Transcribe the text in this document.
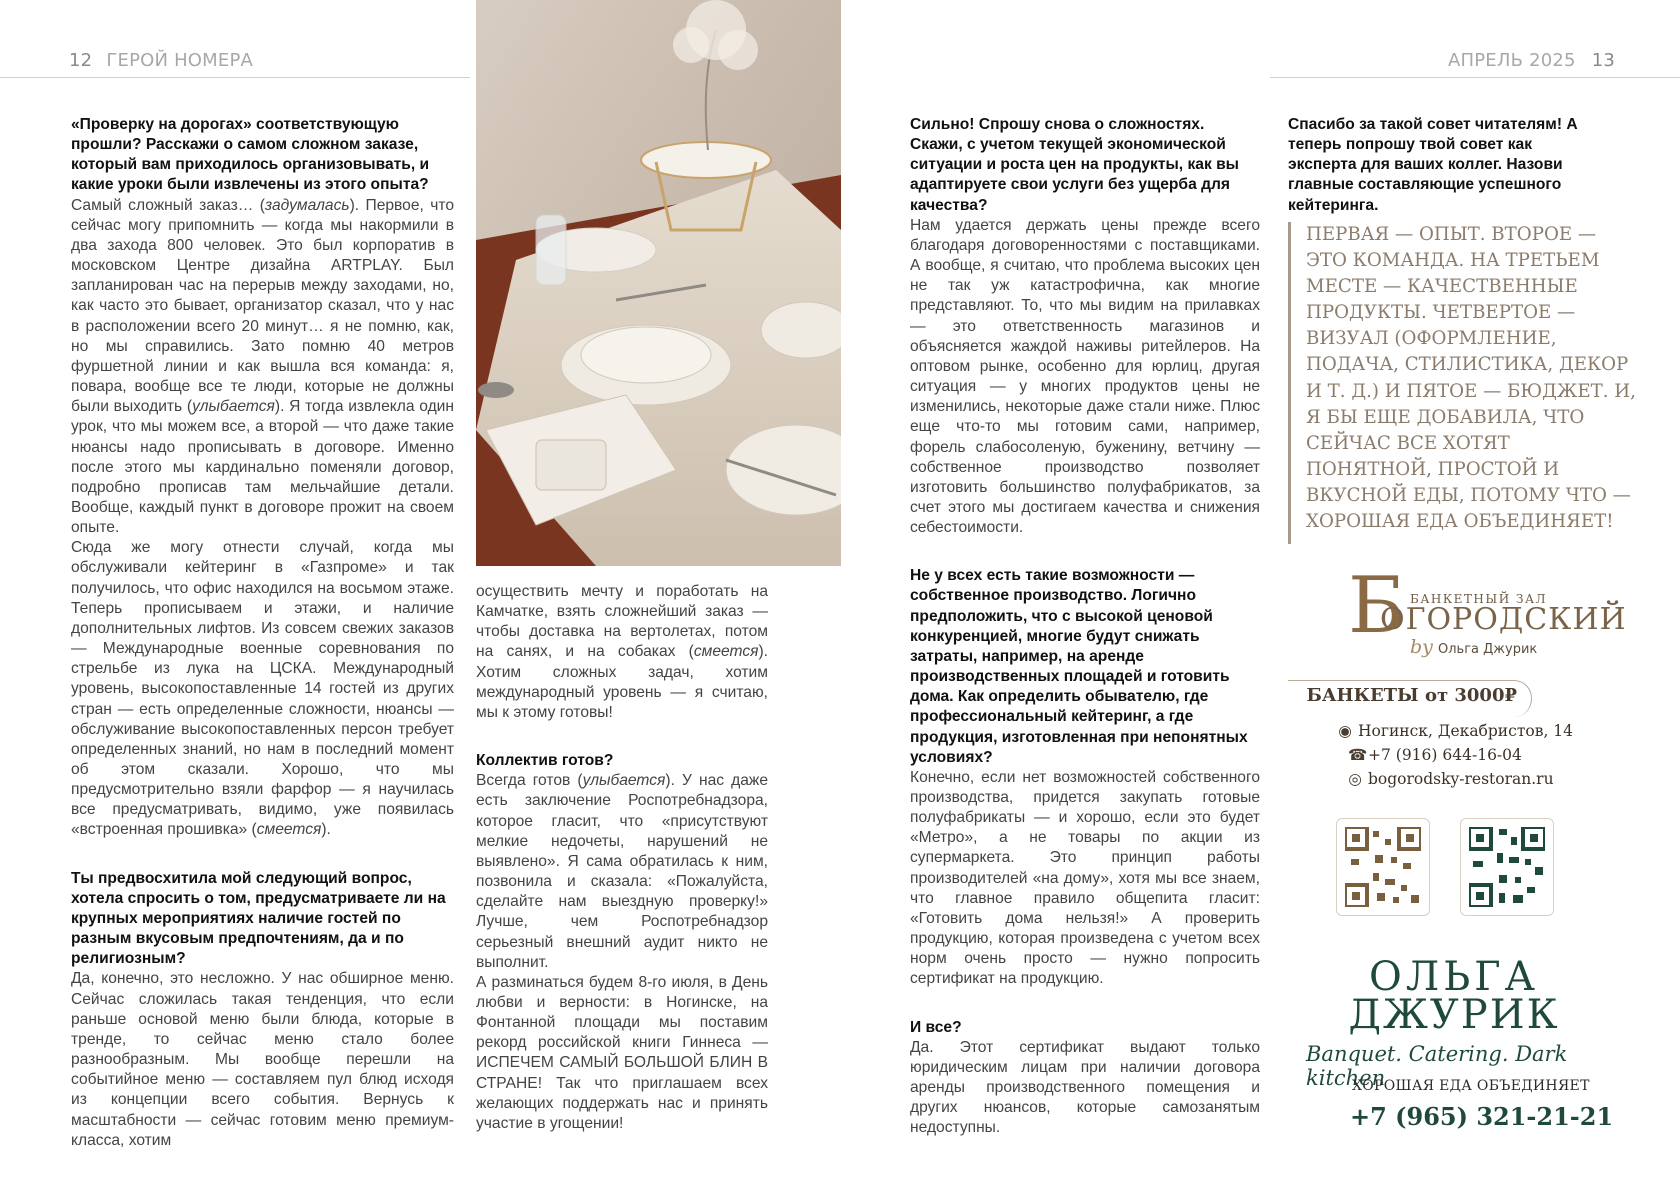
12 ГЕРОЙ НОМЕРА	АПРЕЛЬ 2025 13

«Проверку на дорогах» соответствующую прошли? Расскажи о самом сложном заказе, который вам приходилось организовывать, и какие уроки были извлечены из этого опыта?

Самый сложный заказ… (задумалась). Первое, что сейчас могу припомнить — когда мы накормили в два захода 800 человек. Это был корпоратив в московском Центре дизайна ARTPLAY. Был запланирован час на перерыв между заходами, но, как часто это бывает, организатор сказал, что у нас в расположении всего 20 минут… я не помню, как, но мы справились. Зато помню 40 метров фуршетной линии и как вышла вся команда: я, повара, вообще все те люди, которые не должны были выходить (улыбается). Я тогда извлекла один урок, что мы можем все, а второй — что даже такие нюансы надо прописывать в договоре. Именно после этого мы кардинально поменяли договор, подробно прописав там мельчайшие детали. Вообще, каждый пункт в договоре прожит на своем опыте.

Сюда же могу отнести случай, когда мы обслуживали кейтеринг в «Газпроме» и так получилось, что офис находился на восьмом этаже. Теперь прописываем и этажи, и наличие дополнительных лифтов. Из совсем свежих заказов — Международные военные соревнования по стрельбе из лука на ЦСКА. Международный уровень, высокопоставленные 14 гостей из других стран — есть определенные сложности, нюансы — обслуживание высокопоставленных персон требует определенных знаний, но нам в последний момент об этом сказали. Хорошо, что мы предусмотрительно взяли фарфор — я научилась все предусматривать, видимо, уже появилась «встроенная прошивка» (смеется).

Ты предвосхитила мой следующий вопрос, хотела спросить о том, предусматриваете ли на крупных мероприятиях наличие гостей по разным вкусовым предпочтениям, да и по религиозным?

Да, конечно, это несложно. У нас обширное меню. Сейчас сложилась такая тенденция, что если раньше основой меню были блюда, которые в тренде, то сейчас меню стало более разнообразным. Мы вообще перешли на событийное меню — составляем пул блюд исходя из концепции всего события. Вернусь к масштабности — сейчас готовим меню премиум-класса, хотим

осуществить мечту и поработать на Камчатке, взять сложнейший заказ — чтобы доставка на вертолетах, потом на санях, и на собаках (смеется). Хотим сложных задач, хотим международный уровень — я считаю, мы к этому готовы!

Коллектив готов?

Всегда готов (улыбается). У нас даже есть заключение Роспотребнадзора, которое гласит, что «присутствуют мелкие недочеты, нарушений не выявлено». Я сама обратилась к ним, позвонила и сказала: «Пожалуйста, сделайте нам выездную проверку!» Лучше, чем Роспотребнадзор серьезный внешний аудит никто не выполнит.

А разминаться будем 8-го июля, в День любви и верности: в Ногинске, на Фонтанной площади мы поставим рекорд российской книги Гиннеса — ИСПЕЧЕМ САМЫЙ БОЛЬШОЙ БЛИН В СТРАНЕ! Так что приглашаем всех желающих поддержать нас и принять участие в угощении!

Сильно! Спрошу снова о сложностях. Скажи, с учетом текущей экономической ситуации и роста цен на продукты, как вы адаптируете свои услуги без ущерба для качества?

Нам удается держать цены прежде всего благодаря договоренностями с поставщиками. А вообще, я считаю, что проблема высоких цен не так уж катастрофична, как многие представляют. То, что мы видим на прилавках — это ответственность магазинов и объясняется жаждой наживы ритейлеров. На оптовом рынке, особенно для юрлиц, другая ситуация — у многих продуктов цены не изменились, некоторые даже стали ниже. Плюс еще что-то мы готовим сами, например, форель слабосоленую, буженину, ветчину — собственное производство позволяет изготовить большинство полуфабрикатов, за счет этого мы достигаем качества и снижения себестоимости.

Не у всех есть такие возможности — собственное производство. Логично предположить, что с высокой ценовой конкуренцией, многие будут снижать затраты, например, на аренде производственных площадей и готовить дома. Как определить обывателю, где профессиональный кейтеринг, а где продукция, изготовленная при непонятных условиях?

Конечно, если нет возможностей собственного производства, придется закупать готовые полуфабрикаты — и хорошо, если это будет «Метро», а не товары по акции из супермаркета. Это принцип работы производителей «на дому», хотя мы все знаем, что главное правило общепита гласит: «Готовить дома нельзя!» А проверить продукцию, которая произведена с учетом всех норм очень просто — нужно попросить сертификат на продукцию.

И все?

Да. Этот сертификат выдают только юридическим лицам при наличии договора аренды производственного помещения и других нюансов, которые самозанятым недоступны.

Спасибо за такой совет читателям! А теперь попрошу твой совет как эксперта для ваших коллег. Назови главные составляющие успешного кейтеринга.

ПЕРВАЯ — ОПЫТ. ВТОРОЕ — ЭТО КОМАНДА. НА ТРЕТЬЕМ МЕСТЕ — КАЧЕСТВЕННЫЕ ПРОДУКТЫ. ЧЕТВЕРТОЕ — ВИЗУАЛ (ОФОРМЛЕНИЕ, ПОДАЧА, СТИЛИСТИКА, ДЕКОР И Т. Д.) И ПЯТОЕ — БЮДЖЕТ. И, Я БЫ ЕЩЕ ДОБАВИЛА, ЧТО СЕЙЧАС ВСЕ ХОТЯТ ПОНЯТНОЙ, ПРОСТОЙ И ВКУСНОЙ ЕДЫ, ПОТОМУ ЧТО — ХОРОШАЯ ЕДА ОБЪЕДИНЯЕТ!
Б БАНКЕТНЫЙ ЗАЛ
ОГОРОДСКИЙ
by Ольга Джурик
БАНКЕТЫ от 3000₽
◉ Ногинск, Декабристов, 14
☎+7 (916) 644-16-04
◎ bogorodsky-restoran.ru
ОЛЬГА
ДЖУРИК
Banquet. Catering. Dark kitchen
ХОРОШАЯ ЕДА ОБЪЕДИНЯЕТ
+7 (965) 321-21-21
